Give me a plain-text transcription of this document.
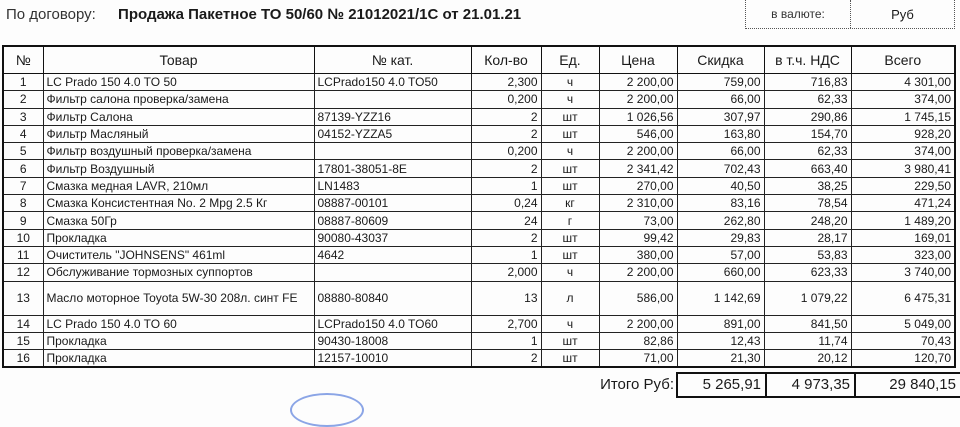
По договору: Продажа Пакетное ТО 50/60 № 21012021/1С от 21.01.21	в валюте:	Руб
№	Товар	№ кат.	Кол-во	Ед.	Цена	Скидка	в т.ч. НДС	Всего
1	LC Prado 150 4.0 TO 50	LCPrado150 4.0 TO50	2,300	ч	2 200,00	759,00	716,83	4 301,00
2	Фильтр салона проверка/замена		0,200	ч	2 200,00	66,00	62,33	374,00
3	Фильтр Салона	87139-YZZ16	2	шт	1 026,56	307,97	290,86	1 745,15
4	Фильтр Масляный	04152-YZZA5	2	шт	546,00	163,80	154,70	928,20
5	Фильтр воздушный проверка/замена		0,200	ч	2 200,00	66,00	62,33	374,00
6	Фильтр Воздушный	17801-38051-8E	2	шт	2 341,42	702,43	663,40	3 980,41
7	Смазка медная LAVR, 210мл	LN1483	1	шт	270,00	40,50	38,25	229,50
8	Смазка Консистентная No. 2 Mpg 2.5 Кг	08887-00101	0,24	кг	2 310,00	83,16	78,54	471,24
9	Смазка 50Гр	08887-80609	24	г	73,00	262,80	248,20	1 489,20
10	Прокладка	90080-43037	2	шт	99,42	29,83	28,17	169,01
11	Очиститель "JOHNSENS" 461ml	4642	1	шт	380,00	57,00	53,83	323,00
12	Обслуживание тормозных суппортов		2,000	ч	2 200,00	660,00	623,33	3 740,00
13	Масло моторное Toyota 5W-30 208л. синт FE	08880-80840	13	л	586,00	1 142,69	1 079,22	6 475,31
14	LC Prado 150 4.0 TO 60	LCPrado150 4.0 TO60	2,700	ч	2 200,00	891,00	841,50	5 049,00
15	Прокладка	90430-18008	1	шт	82,86	12,43	11,74	70,43
16	Прокладка	12157-10010	2	шт	71,00	21,30	20,12	120,70
Итого Руб:	5 265,91	4 973,35	29 840,15
